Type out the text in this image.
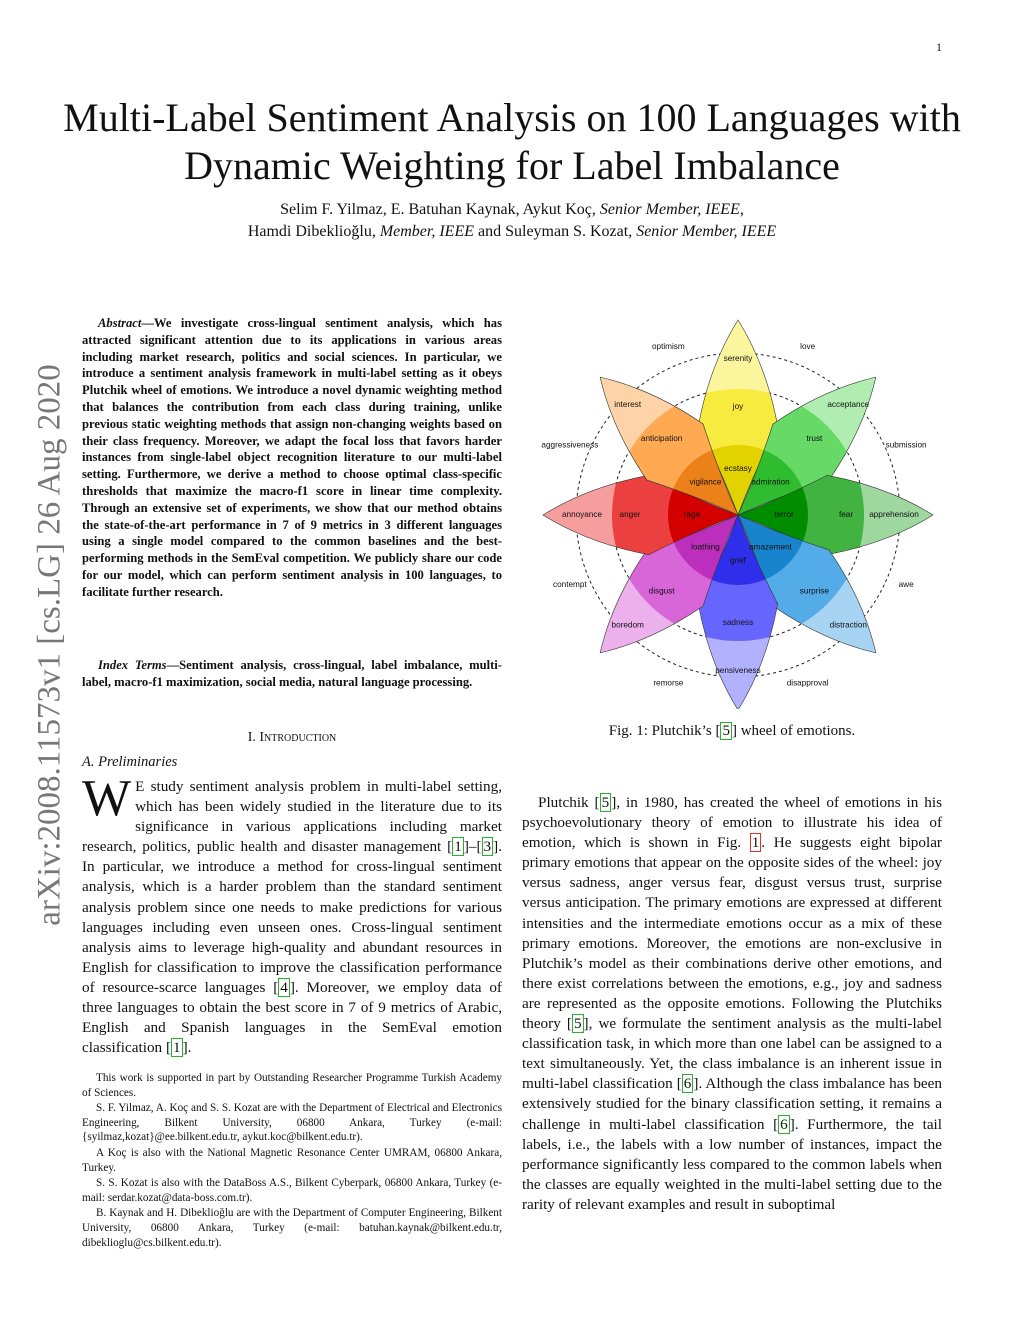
1
arXiv:2008.11573v1 [cs.LG] 26 Aug 2020
Multi-Label Sentiment Analysis on 100 Languages with Dynamic Weighting for Label Imbalance
Selim F. Yilmaz, E. Batuhan Kaynak, Aykut Koç, Senior Member, IEEE,
Hamdi Dibeklioğlu, Member, IEEE and Suleyman S. Kozat, Senior Member, IEEE
Abstract—We investigate cross-lingual sentiment analysis, which has attracted significant attention due to its applications in various areas including market research, politics and social sciences. In particular, we introduce a sentiment analysis framework in multi-label setting as it obeys Plutchik wheel of emotions. We introduce a novel dynamic weighting method that balances the contribution from each class during training, unlike previous static weighting methods that assign non-changing weights based on their class frequency. Moreover, we adapt the focal loss that favors harder instances from single-label object recognition literature to our multi-label setting. Furthermore, we derive a method to choose optimal class-specific thresholds that maximize the macro-f1 score in linear time complexity. Through an extensive set of experiments, we show that our method obtains the state-of-the-art performance in 7 of 9 metrics in 3 different languages using a single model compared to the common baselines and the best-performing methods in the SemEval competition. We publicly share our code for our model, which can perform sentiment analysis in 100 languages, to facilitate further research.
Index Terms—Sentiment analysis, cross-lingual, label imbalance, multi-label, macro-f1 maximization, social media, natural language processing.
I. Introduction
A. Preliminaries
W E study sentiment analysis problem in multi-label setting, which has been widely studied in the literature due to its significance in various applications including market research, politics, public health and disaster management [ 1 ]–[ 3 ]. In particular, we introduce a method for cross-lingual sentiment analysis, which is a harder problem than the standard sentiment analysis problem since one needs to make predictions for various languages including even unseen ones. Cross-lingual sentiment analysis aims to leverage high-quality and abundant resources in English for classification to improve the classification performance of resource-scarce languages [ 4 ]. Moreover, we employ data of three languages to obtain the best score in 7 of 9 metrics of Arabic, English and Spanish languages in the SemEval emotion classification [ 1 ].

This work is supported in part by Outstanding Researcher Programme Turkish Academy of Sciences.

S. F. Yilmaz, A. Koç and S. S. Kozat are with the Department of Electrical and Electronics Engineering, Bilkent University, 06800 Ankara, Turkey (e-mail: {syilmaz,kozat}@ee.bilkent.edu.tr, aykut.koc@bilkent.edu.tr).

A Koç is also with the National Magnetic Resonance Center UMRAM, 06800 Ankara, Turkey.

S. S. Kozat is also with the DataBoss A.S., Bilkent Cyberpark, 06800 Ankara, Turkey (e-mail: serdar.kozat@data-boss.com.tr).

B. Kaynak and H. Dibeklioğlu are with the Department of Computer Engineering, Bilkent University, 06800 Ankara, Turkey (e-mail: batuhan.kaynak@bilkent.edu.tr, dibeklioglu@cs.bilkent.edu.tr).

serenity
joy
ecstasy
acceptance
trust
admiration
apprehension
fear
terror
distraction
surprise
amazement
pensiveness
sadness
grief
boredom
disgust
loathing
annoyance anger	rage
interest
anticipation
vigilance
love
submission
awe
disapproval
remorse
contempt
aggressiveness
optimism
Fig. 1: Plutchik’s [ 5 ] wheel of emotions.
Plutchik [ 5 ], in 1980, has created the wheel of emotions in his psychoevolutionary theory of emotion to illustrate his idea of emotion, which is shown in Fig. 1 . He suggests eight bipolar primary emotions that appear on the opposite sides of the wheel: joy versus sadness, anger versus fear, disgust versus trust, surprise versus anticipation. The primary emotions are expressed at different intensities and the intermediate emotions occur as a mix of these primary emotions. Moreover, the emotions are non-exclusive in Plutchik’s model as their combinations derive other emotions, and there exist correlations between the emotions, e.g., joy and sadness are represented as the opposite emotions. Following the Plutchiks theory [ 5 ], we formulate the sentiment analysis as the multi-label classification task, in which more than one label can be assigned to a text simultaneously. Yet, the class imbalance is an inherent issue in multi-label classification [ 6 ]. Although the class imbalance has been extensively studied for the binary classification setting, it remains a challenge in multi-label classification [ 6 ]. Furthermore, the tail labels, i.e., the labels with a low number of instances, impact the performance significantly less compared to the common labels when the classes are equally weighted in the multi-label setting due to the rarity of relevant examples and result in suboptimal
